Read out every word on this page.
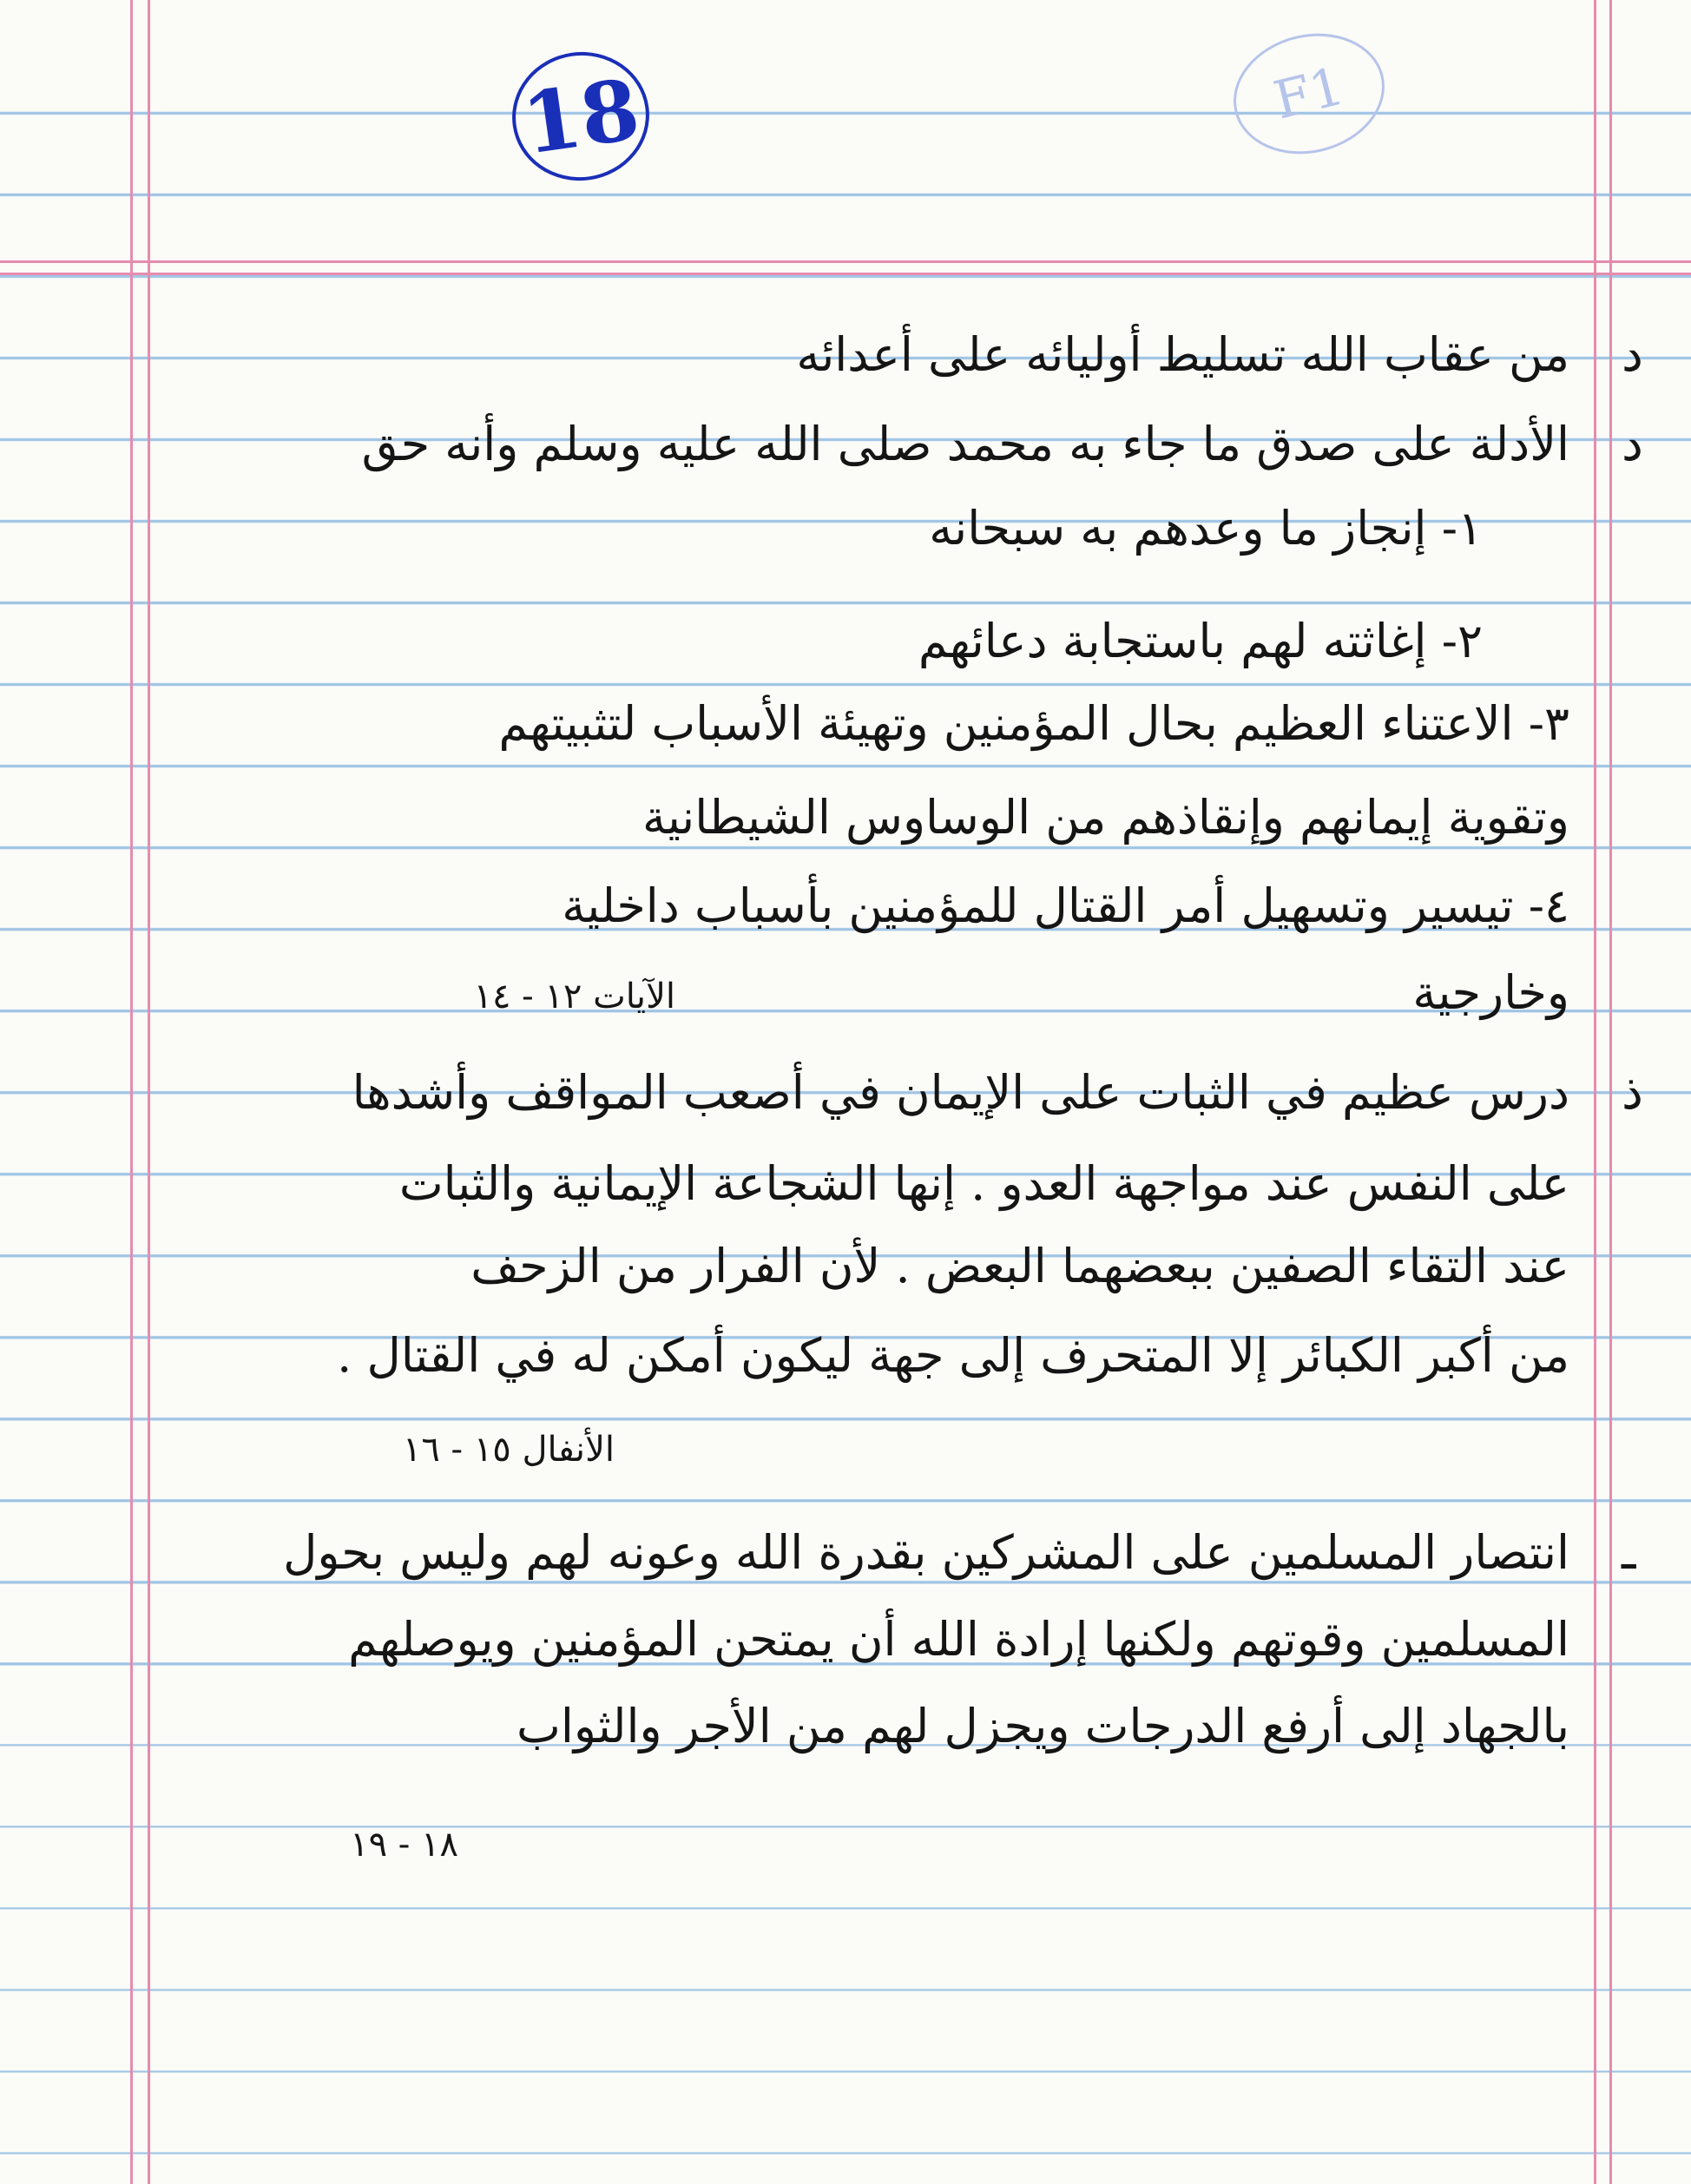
18	F1
د
من عقاب الله تسليط أوليائه على أعدائه
د
الأدلة على صدق ما جاء به محمد صلى الله عليه وسلم وأنه حق
١- إنجاز ما وعدهم به سبحانه
٢- إغاثته لهم باستجابة دعائهم
٣- الاعتناء العظيم بحال المؤمنين وتهيئة الأسباب لتثبيتهم
وتقوية إيمانهم وإنقاذهم من الوساوس الشيطانية
٤- تيسير وتسهيل أمر القتال للمؤمنين بأسباب داخلية
وخارجية
الآيات ١٢ - ١٤
ذ
درس عظيم في الثبات على الإيمان في أصعب المواقف وأشدها
على النفس عند مواجهة العدو . إنها الشجاعة الإيمانية والثبات
عند التقاء الصفين ببعضهما البعض . لأن الفرار من الزحف
من أكبر الكبائر إلا المتحرف إلى جهة ليكون أمكن له في القتال .
الأنفال ١٥ - ١٦
ـ
انتصار المسلمين على المشركين بقدرة الله وعونه لهم وليس بحول
المسلمين وقوتهم ولكنها إرادة الله أن يمتحن المؤمنين ويوصلهم
بالجهاد إلى أرفع الدرجات ويجزل لهم من الأجر والثواب
١٨ - ١٩
